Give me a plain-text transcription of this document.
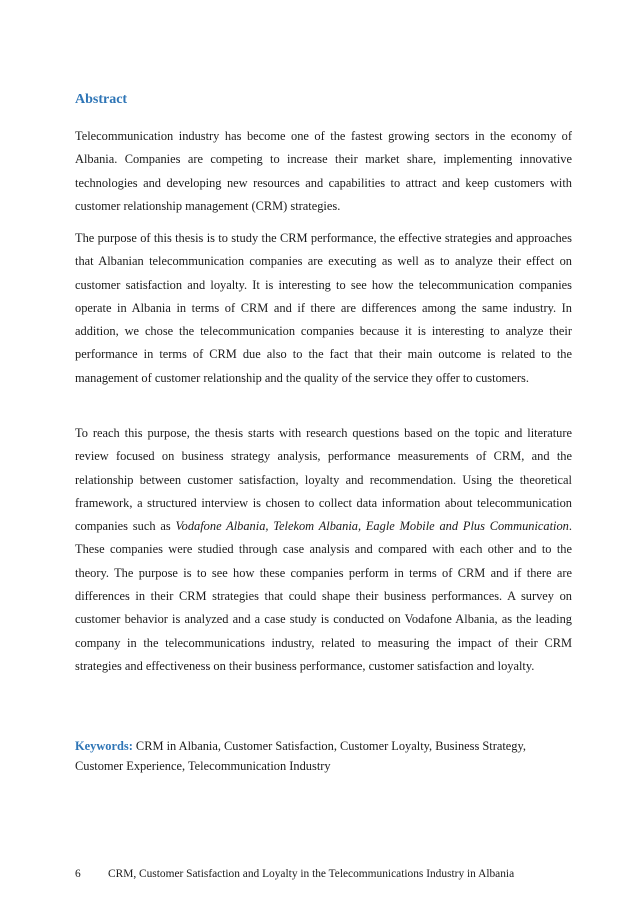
Abstract

Telecommunication industry has become one of the fastest growing sectors in the economy of Albania. Companies are competing to increase their market share, implementing innovative technologies and developing new resources and capabilities to attract and keep customers with customer relationship management (CRM) strategies.

The purpose of this thesis is to study the CRM performance, the effective strategies and approaches that Albanian telecommunication companies are executing as well as to analyze their effect on customer satisfaction and loyalty. It is interesting to see how the telecommunication companies operate in Albania in terms of CRM and if there are differences among the same industry. In addition, we chose the telecommunication companies because it is interesting to analyze their performance in terms of CRM due also to the fact that their main outcome is related to the management of customer relationship and the quality of the service they offer to customers.

To reach this purpose, the thesis starts with research questions based on the topic and literature review focused on business strategy analysis, performance measurements of CRM, and the relationship between customer satisfaction, loyalty and recommendation. Using the theoretical framework, a structured interview is chosen to collect data information about telecommunication companies such as Vodafone Albania, Telekom Albania, Eagle Mobile and Plus Communication. These companies were studied through case analysis and compared with each other and to the theory. The purpose is to see how these companies perform in terms of CRM and if there are differences in their CRM strategies that could shape their business performances. A survey on customer behavior is analyzed and a case study is conducted on Vodafone Albania, as the leading company in the telecommunications industry, related to measuring the impact of their CRM strategies and effectiveness on their business performance, customer satisfaction and loyalty.

Keywords: CRM in Albania, Customer Satisfaction, Customer Loyalty, Business Strategy, Customer Experience, Telecommunication Industry

6 CRM, Customer Satisfaction and Loyalty in the Telecommunications Industry in Albania
